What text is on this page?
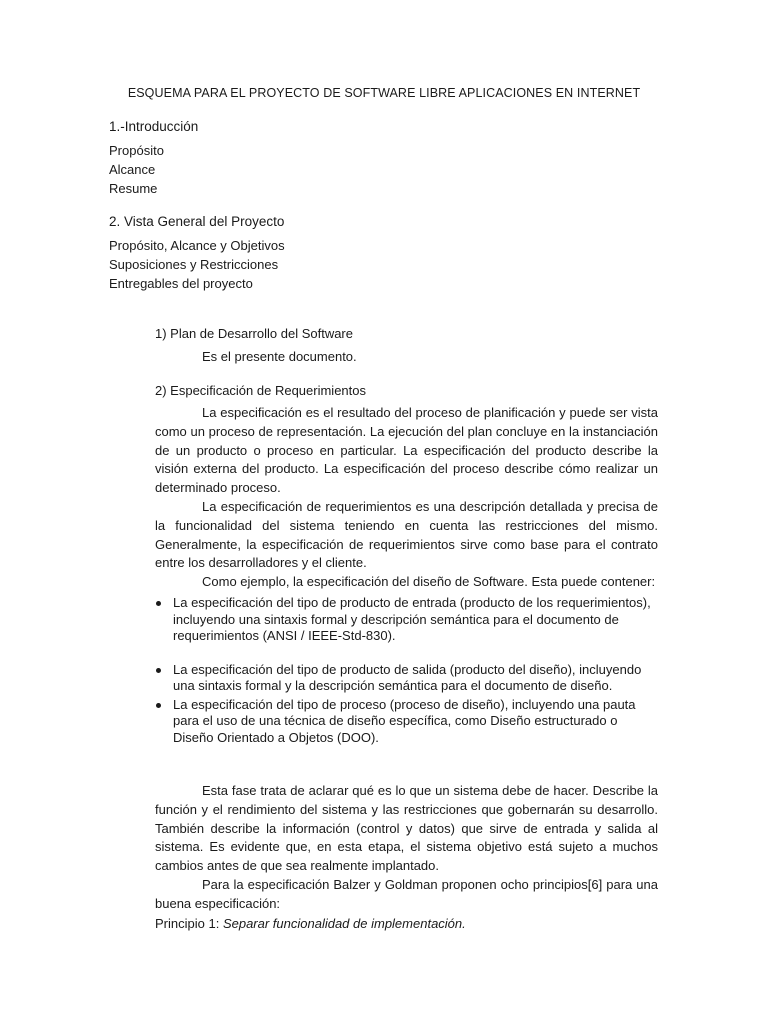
ESQUEMA PARA EL PROYECTO DE SOFTWARE LIBRE APLICACIONES EN INTERNET
1.-Introducción
Propósito
Alcance
Resume
2. Vista General del Proyecto
Propósito, Alcance y Objetivos
Suposiciones y Restricciones
Entregables del proyecto
1) Plan de Desarrollo del Software
Es el presente documento.
2) Especificación de Requerimientos

La especificación es el resultado del proceso de planificación y puede ser vista como un proceso de representación. La ejecución del plan concluye en la instanciación de un producto o proceso en particular. La especificación del producto describe la visión externa del producto. La especificación del proceso describe cómo realizar un determinado proceso.

La especificación de requerimientos es una descripción detallada y precisa de la funcionalidad del sistema teniendo en cuenta las restricciones del mismo. Generalmente, la especificación de requerimientos sirve como base para el contrato entre los desarrolladores y el cliente.

Como ejemplo, la especificación del diseño de Software. Esta puede contener:

La especificación del tipo de producto de entrada (producto de los requerimientos), incluyendo una sintaxis formal y descripción semántica para el documento de requerimientos (ANSI / IEEE-Std-830).
La especificación del tipo de producto de salida (producto del diseño), incluyendo una sintaxis formal y la descripción semántica para el documento de diseño.
La especificación del tipo de proceso (proceso de diseño), incluyendo una pauta para el uso de una técnica de diseño específica, como Diseño estructurado o Diseño Orientado a Objetos (DOO).

Esta fase trata de aclarar qué es lo que un sistema debe de hacer. Describe la función y el rendimiento del sistema y las restricciones que gobernarán su desarrollo. También describe la información (control y datos) que sirve de entrada y salida al sistema. Es evidente que, en esta etapa, el sistema objetivo está sujeto a muchos cambios antes de que sea realmente implantado.

Para la especificación Balzer y Goldman proponen ocho principios[6] para una buena especificación:

Principio 1: Separar funcionalidad de implementación.
